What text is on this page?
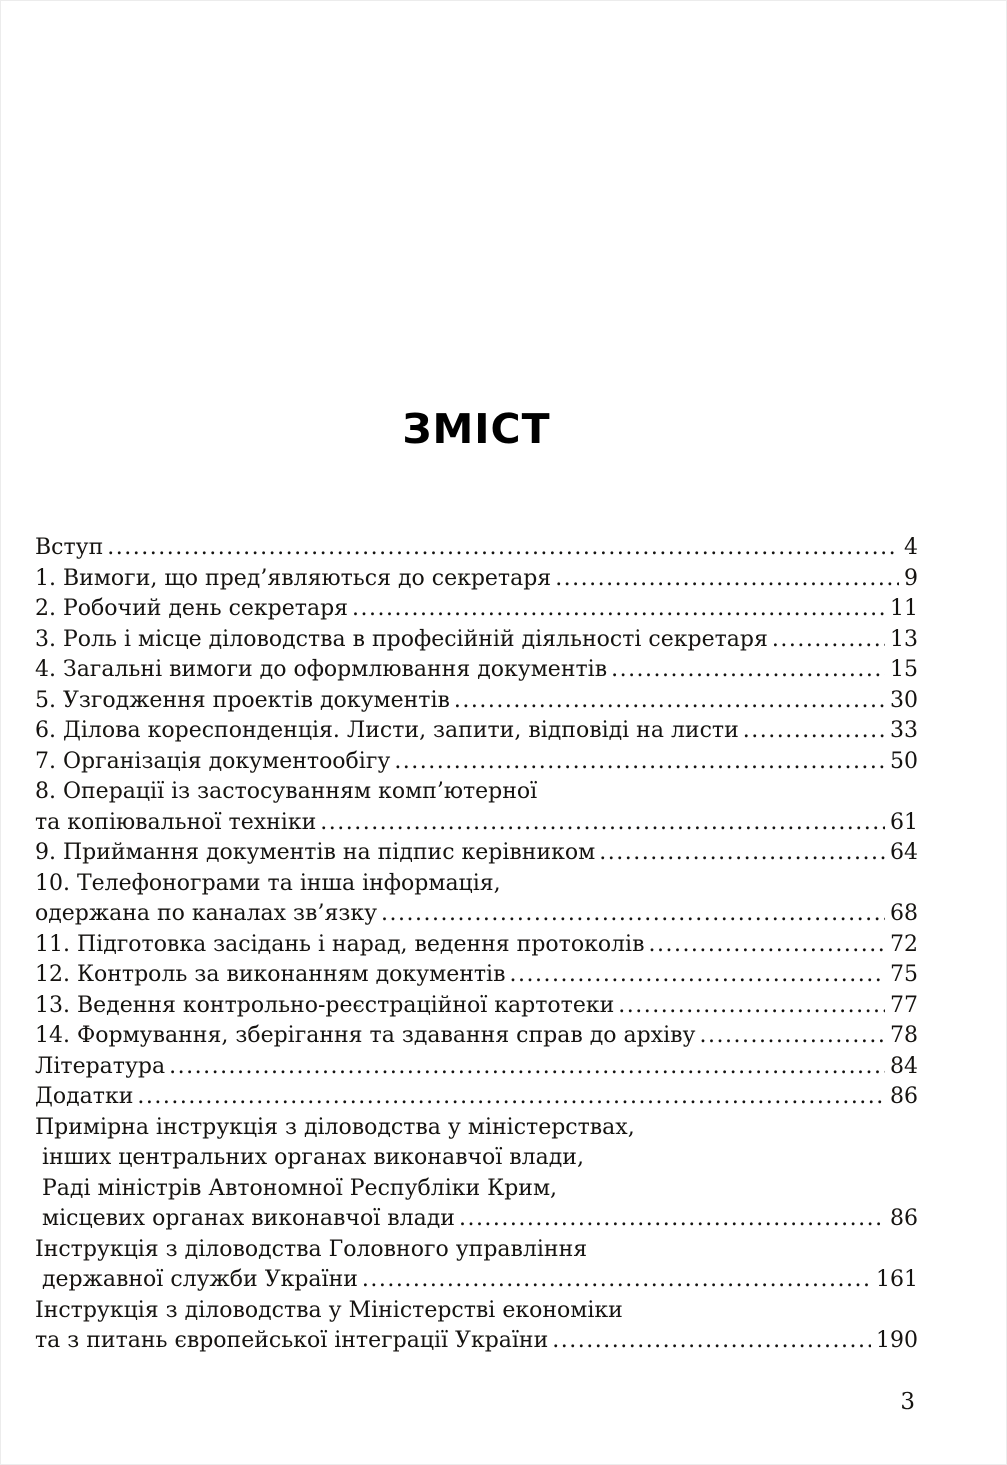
ЗМІСТ
Вступ .....	4
1. Вимоги, що пред’являються до секретаря .....	9
2. Робочий день секретаря .....	11
3. Роль і місце діловодства в професійній діяльності секретаря .....	13
4. Загальні вимоги до оформлювання документів .....	15
5. Узгодження проектів документів .....	30
6. Ділова кореспонденція. Листи, запити, відповіді на листи .....	33
7. Організація документообігу .....	50
8. Операції із застосуванням комп’ютерної
та копіювальної техніки .....	61
9. Приймання документів на підпис керівником .....	64
10. Телефонограми та інша інформація,
одержана по каналах зв’язку .....	68
11. Підготовка засідань і нарад, ведення протоколів .....	72
12. Контроль за виконанням документів .....	75
13. Ведення контрольно-реєстраційної картотеки .....	77
14. Формування, зберігання та здавання справ до архіву .....	78
Література .....	84
Додатки .....	86
Примірна інструкція з діловодства у міністерствах,
інших центральних органах виконавчої влади,
Раді міністрів Автономної Республіки Крим,
місцевих органах виконавчої влади .....	86
Інструкція з діловодства Головного управління
державної служби України .....	161
Інструкція з діловодства у Міністерстві економіки
та з питань європейської інтеграції України .....	190
3
